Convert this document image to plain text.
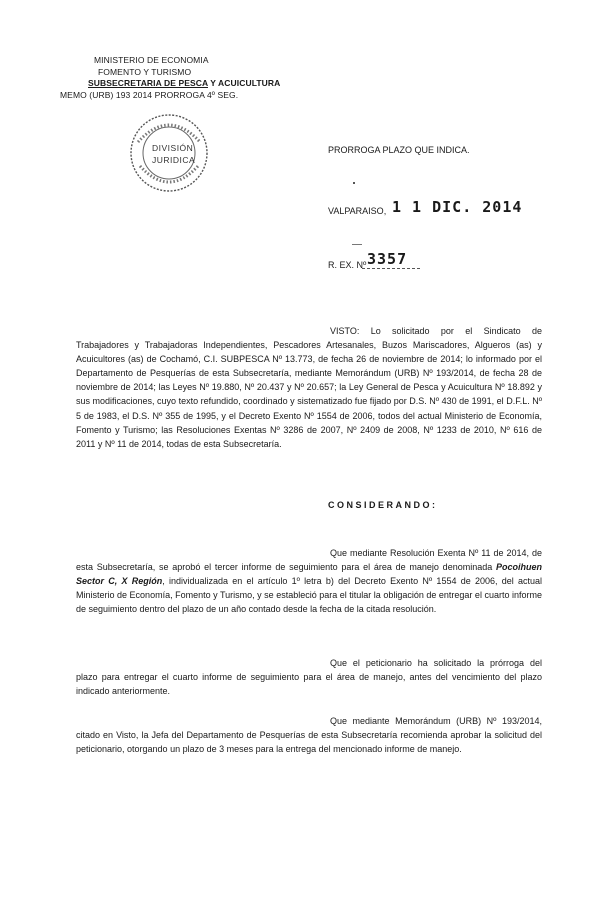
MINISTERIO DE ECONOMIA
FOMENTO Y TURISMO
SUBSECRETARIA DE PESCA Y ACUICULTURA
MEMO (URB) 193 2014 PRORROGA 4º SEG.
DIVISIÓN
JURIDICA
PRORROGA PLAZO QUE INDICA.
VALPARAISO, 1 1 DIC. 2014
R. EX. Nº 3357
VISTO: Lo solicitado por el Sindicato de Trabajadores y Trabajadoras Independientes, Pescadores Artesanales, Buzos Mariscadores, Algueros (as) y Acuicultores (as) de Cochamó, C.I. SUBPESCA Nº 13.773, de fecha 26 de noviembre de 2014; lo informado por el Departamento de Pesquerías de esta Subsecretaría, mediante Memorándum (URB) Nº 193/2014, de fecha 28 de noviembre de 2014; las Leyes Nº 19.880, Nº 20.437 y Nº 20.657; la Ley General de Pesca y Acuicultura Nº 18.892 y sus modificaciones, cuyo texto refundido, coordinado y sistematizado fue fijado por D.S. Nº 430 de 1991, el D.F.L. Nº 5 de 1983, el D.S. Nº 355 de 1995, y el Decreto Exento Nº 1554 de 2006, todos del actual Ministerio de Economía, Fomento y Turismo; las Resoluciones Exentas Nº 3286 de 2007, Nº 2409 de 2008, Nº 1233 de 2010, Nº 616 de 2011 y Nº 11 de 2014, todas de esta Subsecretaría.
CONSIDERANDO:
Que mediante Resolución Exenta Nº 11 de 2014, de esta Subsecretaría, se aprobó el tercer informe de seguimiento para el área de manejo denominada Pocoihuen Sector C, X Región, individualizada en el artículo 1º letra b) del Decreto Exento Nº 1554 de 2006, del actual Ministerio de Economía, Fomento y Turismo, y se estableció para el titular la obligación de entregar el cuarto informe de seguimiento dentro del plazo de un año contado desde la fecha de la citada resolución.
Que el peticionario ha solicitado la prórroga del plazo para entregar el cuarto informe de seguimiento para el área de manejo, antes del vencimiento del plazo indicado anteriormente.
Que mediante Memorándum (URB) Nº 193/2014, citado en Visto, la Jefa del Departamento de Pesquerías de esta Subsecretaría recomienda aprobar la solicitud del peticionario, otorgando un plazo de 3 meses para la entrega del mencionado informe de manejo.
